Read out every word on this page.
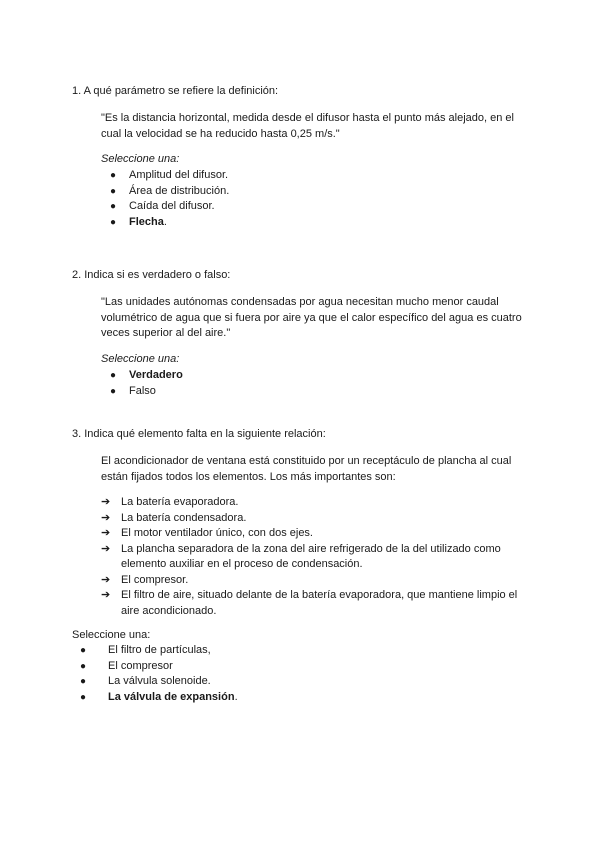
1. A qué parámetro se refiere la definición:

"Es la distancia horizontal, medida desde el difusor hasta el punto más alejado, en el cual la velocidad se ha reducido hasta 0,25 m/s."

Seleccione una:

● Amplitud del difusor.
● Área de distribución.
● Caída del difusor.
● Flecha.

2. Indica si es verdadero o falso:

"Las unidades autónomas condensadas por agua necesitan mucho menor caudal volumétrico de agua que si fuera por aire ya que el calor específico del agua es cuatro veces superior al del aire."

Seleccione una:

● Verdadero
● Falso

3. Indica qué elemento falta en la siguiente relación:

El acondicionador de ventana está constituido por un receptáculo de plancha al cual están fijados todos los elementos. Los más importantes son:

➔ La batería evaporadora.
➔ La batería condensadora.
➔ El motor ventilador único, con dos ejes.
➔ La plancha separadora de la zona del aire refrigerado de la del utilizado como elemento auxiliar en el proceso de condensación.
➔ El compresor.
➔ El filtro de aire, situado delante de la batería evaporadora, que mantiene limpio el aire acondicionado.

Seleccione una:

● El filtro de partículas,
● El compresor
● La válvula solenoide.
● La válvula de expansión.
